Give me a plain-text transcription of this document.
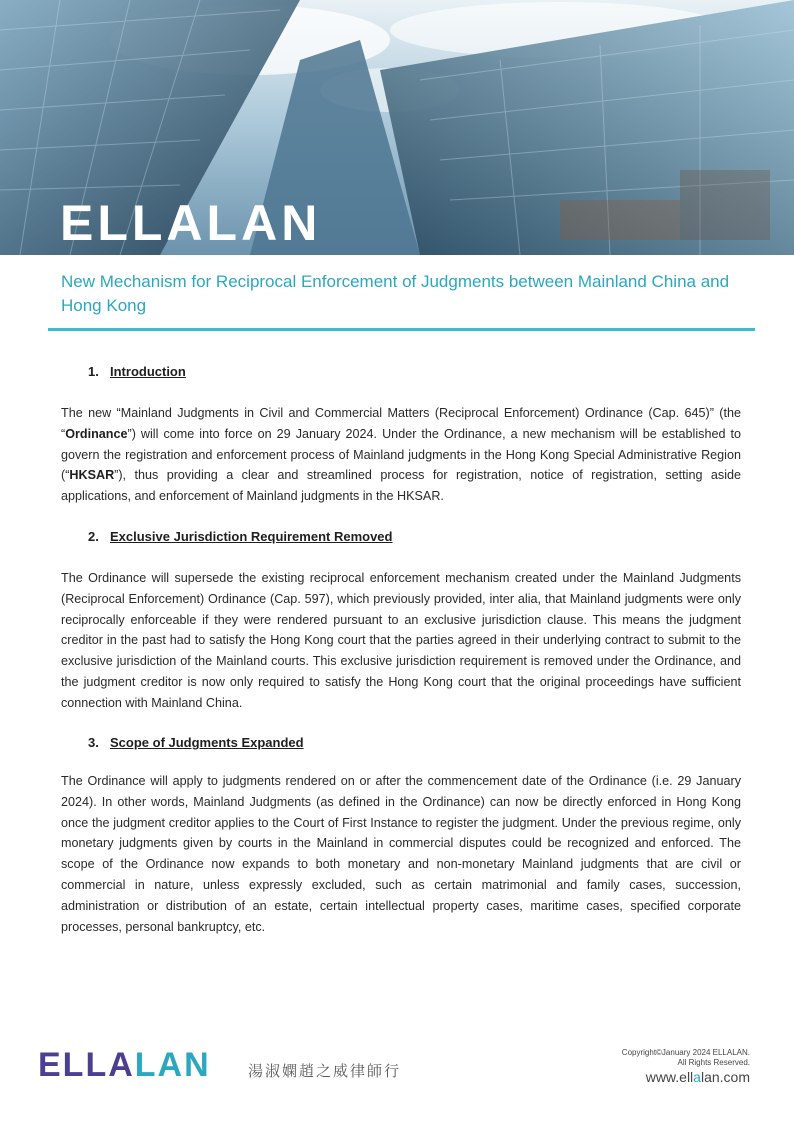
ELLALAN
New Mechanism for Reciprocal Enforcement of Judgments between Mainland China and Hong Kong
1. Introduction

The new “Mainland Judgments in Civil and Commercial Matters (Reciprocal Enforcement) Ordinance (Cap. 645)” (the “Ordinance”) will come into force on 29 January 2024. Under the Ordinance, a new mechanism will be established to govern the registration and enforcement process of Mainland judgments in the Hong Kong Special Administrative Region (“HKSAR”), thus providing a clear and streamlined process for registration, notice of registration, setting aside applications, and enforcement of Mainland judgments in the HKSAR.

2. Exclusive Jurisdiction Requirement Removed

The Ordinance will supersede the existing reciprocal enforcement mechanism created under the Mainland Judgments (Reciprocal Enforcement) Ordinance (Cap. 597), which previously provided, inter alia, that Mainland judgments were only reciprocally enforceable if they were rendered pursuant to an exclusive jurisdiction clause. This means the judgment creditor in the past had to satisfy the Hong Kong court that the parties agreed in their underlying contract to submit to the exclusive jurisdiction of the Mainland courts. This exclusive jurisdiction requirement is removed under the Ordinance, and the judgment creditor is now only required to satisfy the Hong Kong court that the original proceedings have sufficient connection with Mainland China.

3. Scope of Judgments Expanded

The Ordinance will apply to judgments rendered on or after the commencement date of the Ordinance (i.e. 29 January 2024). In other words, Mainland Judgments (as defined in the Ordinance) can now be directly enforced in Hong Kong once the judgment creditor applies to the Court of First Instance to register the judgment. Under the previous regime, only monetary judgments given by courts in the Mainland in commercial disputes could be recognized and enforced. The scope of the Ordinance now expands to both monetary and non-monetary Mainland judgments that are civil or commercial in nature, unless expressly excluded, such as certain matrimonial and family cases, succession, administration or distribution of an estate, certain intellectual property cases, maritime cases, specified corporate processes, personal bankruptcy, etc.

ELLALAN 湯淑嫻趙之威律師行
Copyright©January 2024 ELLALAN.
All Rights Reserved.
www.ellalan.com
